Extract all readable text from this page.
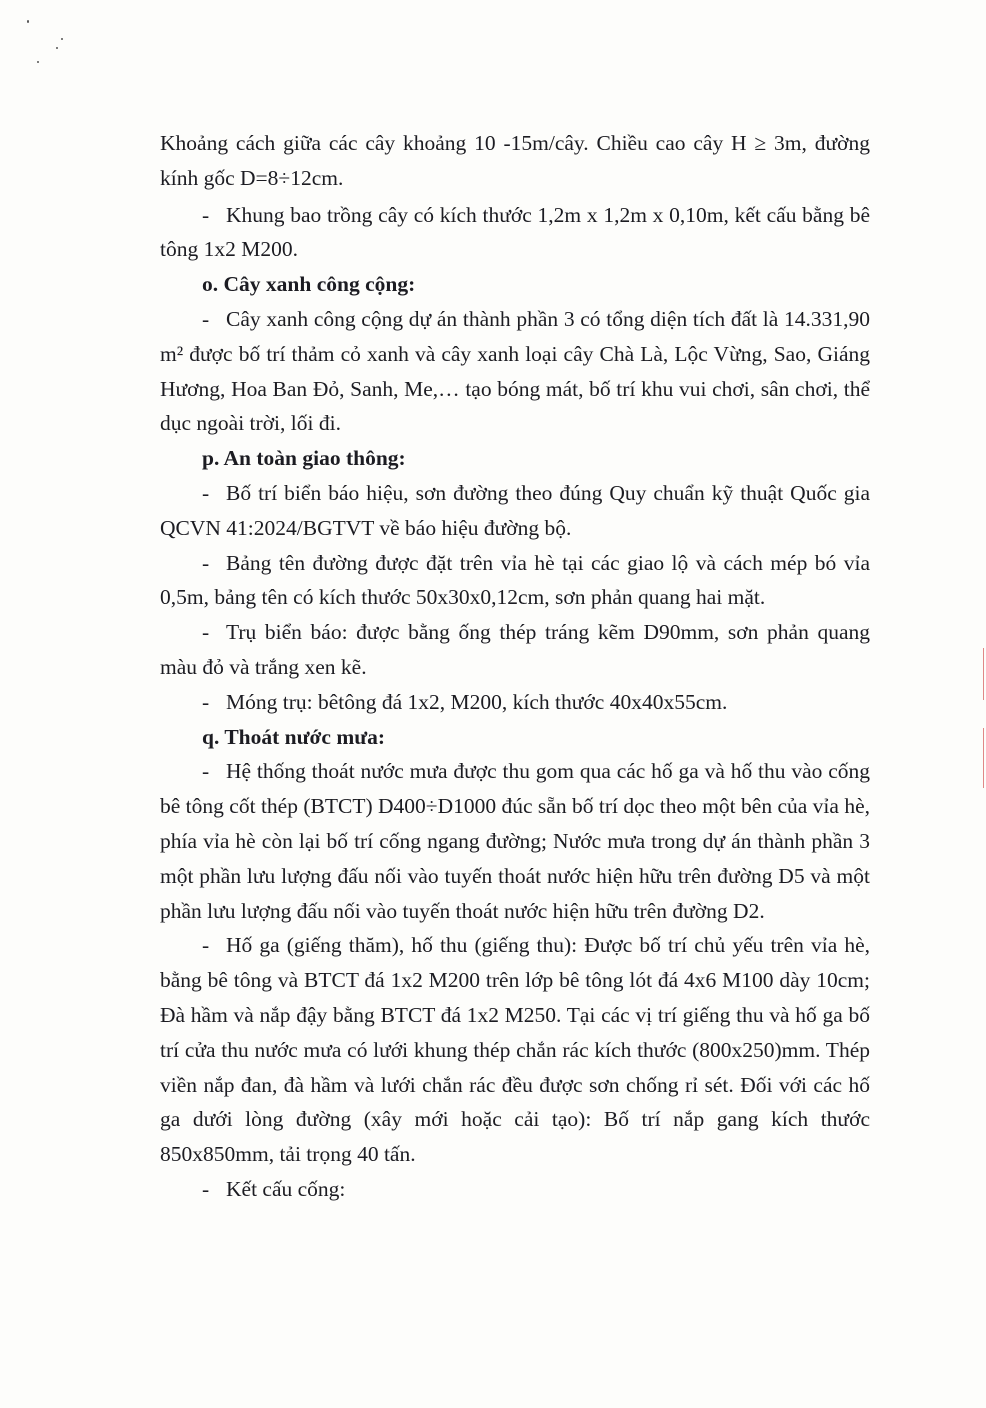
Khoảng cách giữa các cây khoảng 10 -15m/cây. Chiều cao cây H ≥ 3m, đường kính gốc D=8÷12cm.

- Khung bao trồng cây có kích thước 1,2m x 1,2m x 0,10m, kết cấu bằng bê tông 1x2 M200.

o. Cây xanh công cộng:

- Cây xanh công cộng dự án thành phần 3 có tổng diện tích đất là 14.331,90 m² được bố trí thảm cỏ xanh và cây xanh loại cây Chà Là, Lộc Vừng, Sao, Giáng Hương, Hoa Ban Đỏ, Sanh, Me,… tạo bóng mát, bố trí khu vui chơi, sân chơi, thể dục ngoài trời, lối đi.

p. An toàn giao thông:

- Bố trí biển báo hiệu, sơn đường theo đúng Quy chuẩn kỹ thuật Quốc gia QCVN 41:2024/BGTVT về báo hiệu đường bộ.

- Bảng tên đường được đặt trên vỉa hè tại các giao lộ và cách mép bó vỉa 0,5m, bảng tên có kích thước 50x30x0,12cm, sơn phản quang hai mặt.

- Trụ biển báo: được bằng ống thép tráng kẽm D90mm, sơn phản quang màu đỏ và trắng xen kẽ.

- Móng trụ: bêtông đá 1x2, M200, kích thước 40x40x55cm.

q. Thoát nước mưa:

- Hệ thống thoát nước mưa được thu gom qua các hố ga và hố thu vào cống bê tông cốt thép (BTCT) D400÷D1000 đúc sẵn bố trí dọc theo một bên của vỉa hè, phía vỉa hè còn lại bố trí cống ngang đường; Nước mưa trong dự án thành phần 3 một phần lưu lượng đấu nối vào tuyến thoát nước hiện hữu trên đường D5 và một phần lưu lượng đấu nối vào tuyến thoát nước hiện hữu trên đường D2.

- Hố ga (giếng thăm), hố thu (giếng thu): Được bố trí chủ yếu trên vỉa hè, bằng bê tông và BTCT đá 1x2 M200 trên lớp bê tông lót đá 4x6 M100 dày 10cm; Đà hầm và nắp đậy bằng BTCT đá 1x2 M250. Tại các vị trí giếng thu và hố ga bố trí cửa thu nước mưa có lưới khung thép chắn rác kích thước (800x250)mm. Thép viền nắp đan, đà hầm và lưới chắn rác đều được sơn chống rỉ sét. Đối với các hố ga dưới lòng đường (xây mới hoặc cải tạo): Bố trí nắp gang kích thước 850x850mm, tải trọng 40 tấn.

- Kết cấu cống:
